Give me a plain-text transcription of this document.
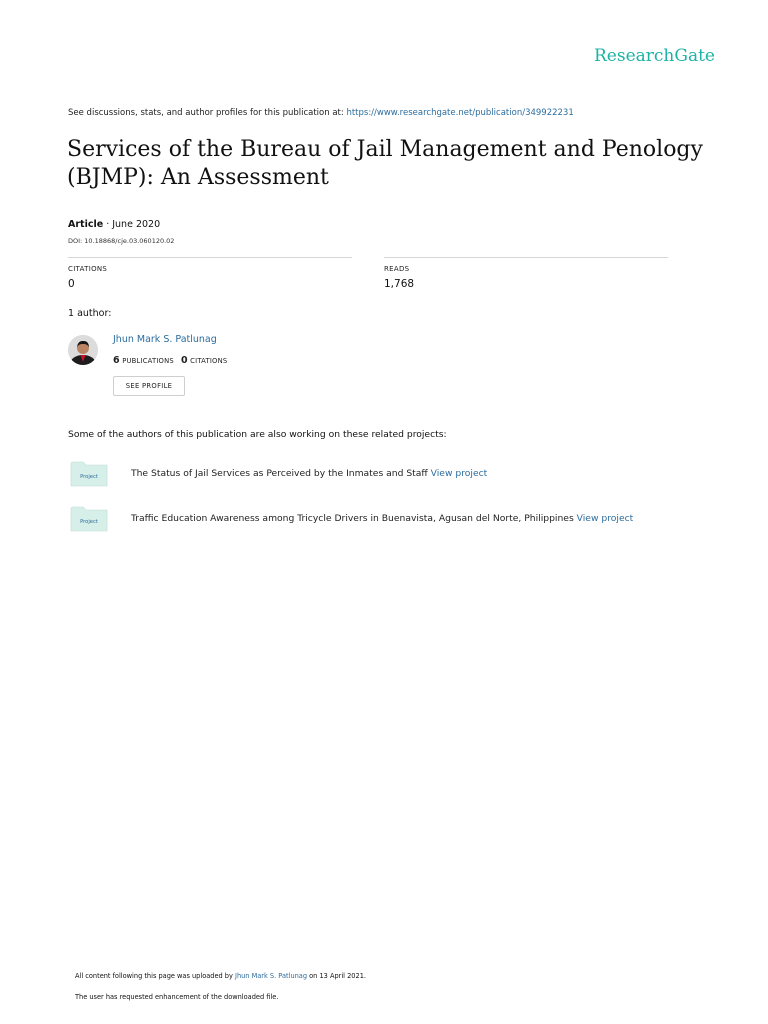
ResearchGate
See discussions, stats, and author profiles for this publication at: https://www.researchgate.net/publication/349922231
Services of the Bureau of Jail Management and Penology
(BJMP): An Assessment
Article · June 2020
DOI: 10.18868/cje.03.060120.02
CITATIONS
0
READS
1,768
1 author:
Jhun Mark S. Patlunag
6 PUBLICATIONS 0 CITATIONS
SEE PROFILE
Some of the authors of this publication are also working on these related projects:
Project	The Status of Jail Services as Perceived by the Inmates and Staff View project
Project	Traffic Education Awareness among Tricycle Drivers in Buenavista, Agusan del Norte, Philippines View project
All content following this page was uploaded by Jhun Mark S. Patlunag on 13 April 2021.
The user has requested enhancement of the downloaded file.
